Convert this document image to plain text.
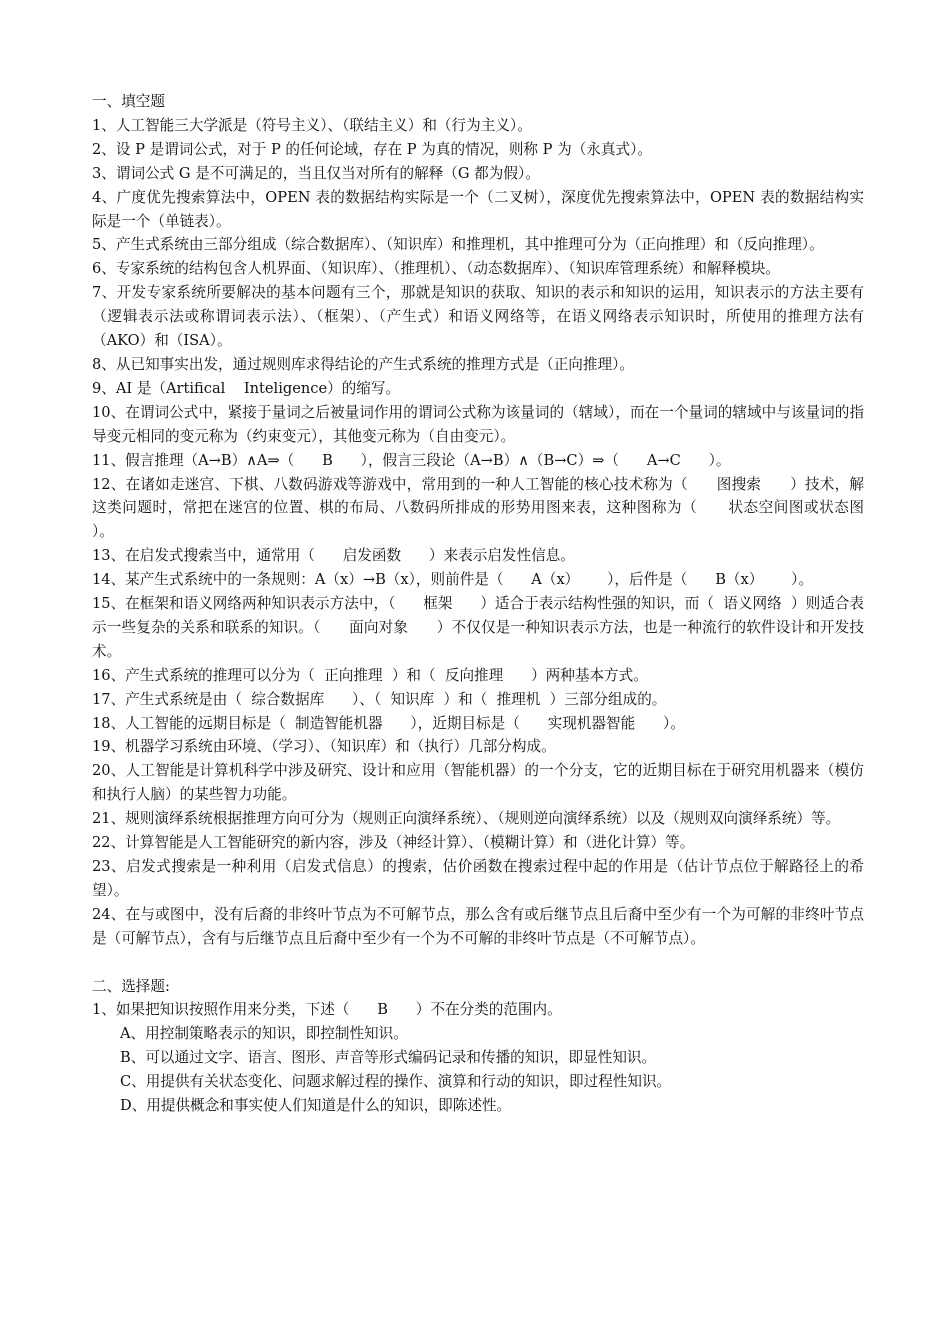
一、填空题

1、人工智能三大学派是（符号主义）、（联结主义）和（行为主义）。

2、设 P 是谓词公式，对于 P 的任何论域，存在 P 为真的情况，则称 P 为（永真式）。

3、谓词公式 G 是不可满足的，当且仅当对所有的解释（G 都为假）。

4、广度优先搜索算法中，OPEN 表的数据结构实际是一个（二叉树），深度优先搜索算法中，OPEN 表的数据结构实际是一个（单链表）。

5、产生式系统由三部分组成（综合数据库）、（知识库）和推理机，其中推理可分为（正向推理）和（反向推理）。

6、专家系统的结构包含人机界面、（知识库）、（推理机）、（动态数据库）、（知识库管理系统）和解释模块。

7、开发专家系统所要解决的基本问题有三个，那就是知识的获取、知识的表示和知识的运用，知识表示的方法主要有（逻辑表示法或称谓词表示法）、（框架）、（产生式）和语义网络等，在语义网络表示知识时，所使用的推理方法有（AKO）和（ISA）。

8、从已知事实出发，通过规则库求得结论的产生式系统的推理方式是（正向推理）。

9、AI 是（Artifical    Inteligence）的缩写。

10、在谓词公式中，紧接于量词之后被量词作用的谓词公式称为该量词的（辖域），而在一个量词的辖域中与该量词的指导变元相同的变元称为（约束变元），其他变元称为（自由变元）。

11、假言推理（A→B）∧A⇒（      B      ），假言三段论（A→B）∧（B→C）⇒（      A→C      ）。

12、在诸如走迷宫、下棋、八数码游戏等游戏中，常用到的一种人工智能的核心技术称为（      图搜索      ）技术，解这类问题时，常把在迷宫的位置、棋的布局、八数码所排成的形势用图来表，这种图称为（      状态空间图或状态图      ）。

13、在启发式搜索当中，通常用（      启发函数      ）来表示启发性信息。

14、某产生式系统中的一条规则：A（x）→B（x），则前件是（      A（x）      ），后件是（      B（x）      ）。

15、在框架和语义网络两种知识表示方法中，（      框架      ）适合于表示结构性强的知识，而（  语义网络  ）则适合表示一些复杂的关系和联系的知识。（      面向对象      ）不仅仅是一种知识表示方法，也是一种流行的软件设计和开发技术。

16、产生式系统的推理可以分为（  正向推理  ）和（  反向推理      ）两种基本方式。

17、产生式系统是由（  综合数据库      ）、（  知识库  ）和（  推理机  ）三部分组成的。

18、人工智能的远期目标是（  制造智能机器      ），近期目标是（      实现机器智能      ）。

19、机器学习系统由环境、（学习）、（知识库）和（执行）几部分构成。

20、人工智能是计算机科学中涉及研究、设计和应用（智能机器）的一个分支，它的近期目标在于研究用机器来（模仿和执行人脑）的某些智力功能。

21、规则演绎系统根据推理方向可分为（规则正向演绎系统）、（规则逆向演绎系统）以及（规则双向演绎系统）等。

22、计算智能是人工智能研究的新内容，涉及（神经计算）、（模糊计算）和（进化计算）等。

23、启发式搜索是一种利用（启发式信息）的搜索，估价函数在搜索过程中起的作用是（估计节点位于解路径上的希望）。

24、在与或图中，没有后裔的非终叶节点为不可解节点，那么含有或后继节点且后裔中至少有一个为可解的非终叶节点是（可解节点），含有与后继节点且后裔中至少有一个为不可解的非终叶节点是（不可解节点）。

二、选择题:

1、如果把知识按照作用来分类，下述（      B      ）不在分类的范围内。

A、用控制策略表示的知识，即控制性知识。

B、可以通过文字、语言、图形、声音等形式编码记录和传播的知识，即显性知识。

C、用提供有关状态变化、问题求解过程的操作、演算和行动的知识，即过程性知识。

D、用提供概念和事实使人们知道是什么的知识，即陈述性。
